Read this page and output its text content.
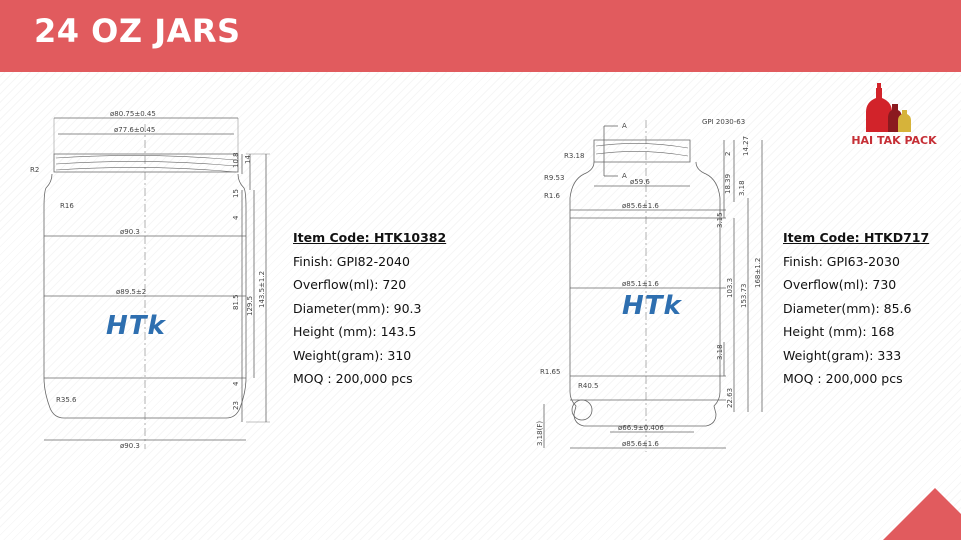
24 OZ JARS
HAI TAK PACK
ø80.75±0.45
ø77.6±0.45
ø90.3
ø89.5±2
ø90.3
R2
R16
R35.6
10.8 14
15
4
81.5 129.5 143.5±1.2
4
23
HTk
Item Code: HTK10382
Finish: GPI82-2040
Overflow(ml): 720
Diameter(mm): 90.3
Height (mm): 143.5
Weight(gram): 310
MOQ : 200,000 pcs
GPI 2030-63
A
A
ø59.6
ø85.6±1.6
ø85.1±1.6
ø66.9±0.406
ø85.6±1.6
R3.18
R9.53
R1.6
R1.65
R40.5
2 14.27
18.39 3.18
3.15
103.3 153.73
168±1.2
3.18
22.63
3.18(F)
HTk
Item Code: HTKD717
Finish: GPI63-2030
Overflow(ml): 730
Diameter(mm): 85.6
Height (mm): 168
Weight(gram): 333
MOQ : 200,000 pcs
